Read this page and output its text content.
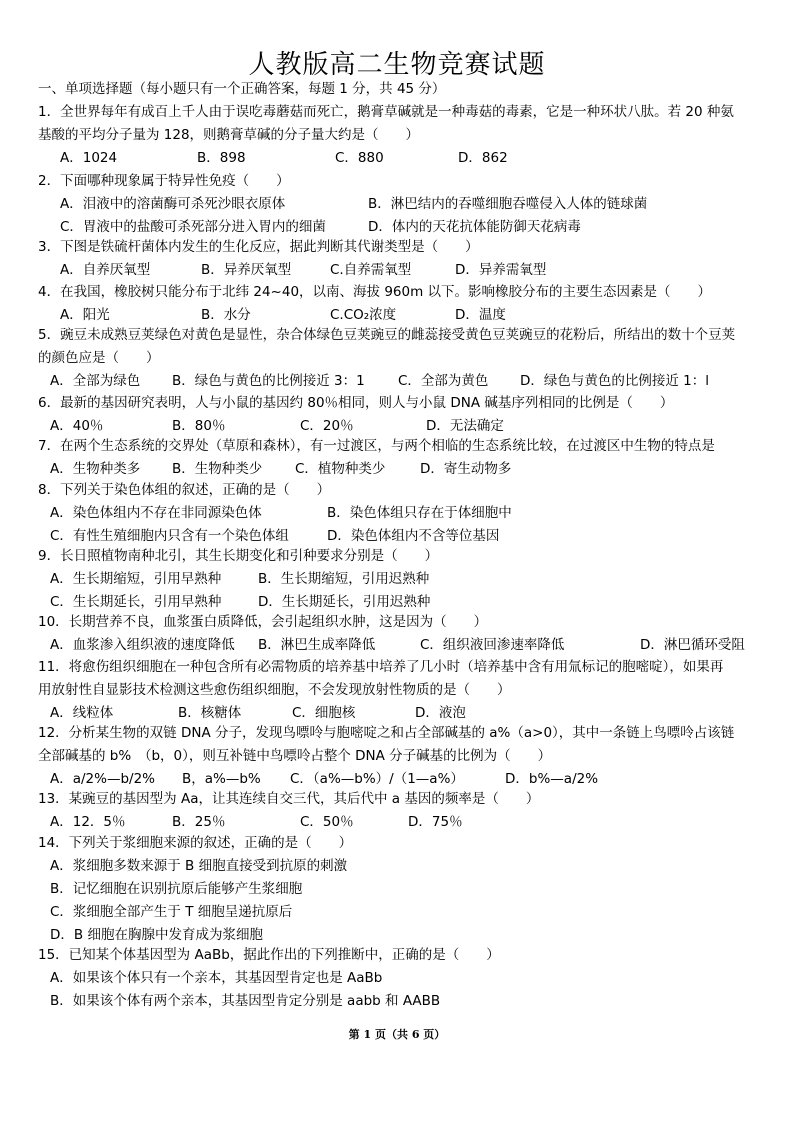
人教版高二生物竞赛试题
一、单项选择题（每小题只有一个正确答案，每题 1 分，共 45 分）
1．全世界每年有成百上千人由于误吃毒蘑菇而死亡，鹅膏草碱就是一种毒菇的毒素，它是一种环状八肽。若 20 种氨
基酸的平均分子量为 128，则鹅膏草碱的分子量大约是（　　）
A．1024	B．898	C．880	D．862
2．下面哪种现象属于特异性免疫（　　）
A．泪液中的溶菌酶可杀死沙眼衣原体	B．淋巴结内的吞噬细胞吞噬侵入人体的链球菌
C．胃液中的盐酸可杀死部分进入胃内的细菌	D．体内的天花抗体能防御天花病毒
3．下图是铁硫杆菌体内发生的生化反应，据此判断其代谢类型是（　　）
A．自养厌氧型	B．异养厌氧型	C.自养需氧型	D．异养需氧型
4．在我国，橡胶树只能分布于北纬 24~40，以南、海拔 960m 以下。影响橡胶分布的主要生态因素是（　　）
A．阳光	B．水分	C.CO₂浓度	D．温度
5．豌豆未成熟豆荚绿色对黄色是显性，杂合体绿色豆荚豌豆的雌蕊接受黄色豆荚豌豆的花粉后，所结出的数十个豆荚
的颜色应是（　　）
A．全部为绿色 B．绿色与黄色的比例接近 3：1 C．全部为黄色 D．绿色与黄色的比例接近 1：l
6．最新的基因研究表明，人与小鼠的基因约 80％相同，则人与小鼠 DNA 碱基序列相同的比例是（　　）
A．40％	B．80％	C．20％	D．无法确定
7．在两个生态系统的交界处（草原和森林），有一过渡区，与两个相临的生态系统比较，在过渡区中生物的特点是
A．生物种类多 B．生物种类少 C．植物种类少	D．寄生动物多
8．下列关于染色体组的叙述，正确的是（　　）
A．染色体组内不存在非同源染色体	B．染色体组只存在于体细胞中
C．有性生殖细胞内只含有一个染色体组	D．染色体组内不含等位基因
9．长日照植物南种北引，其生长期变化和引种要求分别是（　　）
A．生长期缩短，引用早熟种	B．生长期缩短，引用迟熟种
C．生长期延长，引用早熟种	D．生长期延长，引用迟熟种
10．长期营养不良，血浆蛋白质降低，会引起组织水肿，这是因为（　　）
A．血浆渗入组织液的速度降低 B．淋巴生成率降低	C．组织液回渗速率降低	D．淋巴循环受阻
11．将愈伤组织细胞在一种包含所有必需物质的培养基中培养了几小时（培养基中含有用氚标记的胞嘧啶），如果再
用放射性自显影技术检测这些愈伤组织细胞，不会发现放射性物质的是（　　）
A．线粒体	B．核糖体	C．细胞核	D．液泡
12．分析某生物的双链 DNA 分子，发现鸟嘌呤与胞嘧啶之和占全部碱基的 a%（a>0），其中一条链上鸟嘌呤占该链
全部碱基的 b%　（b，0），则互补链中鸟嘌呤占整个 DNA 分子碱基的比例为（　　）
A．a/2%—b/2% B，a%—b% C．（a%—b%）/（1—a%）	D．b%—a/2%
13．某豌豆的基因型为 Aa，让其连续自交三代，其后代中 a 基因的频率是（　　）
A．12．5％	B．25％	C．50％	D．75％
14．下列关于浆细胞来源的叙述，正确的是（　　）
A．浆细胞多数来源于 B 细胞直接受到抗原的刺激
B．记忆细胞在识别抗原后能够产生浆细胞
C．浆细胞全部产生于 T 细胞呈递抗原后
D．B 细胞在胸腺中发育成为浆细胞
15．已知某个体基因型为 AaBb，据此作出的下列推断中，正确的是（　　）
A．如果该个体只有一个亲本，其基因型肯定也是 AaBb
B．如果该个体有两个亲本，其基因型肯定分别是 aabb 和 AABB
第 1 页（共 6 页）
